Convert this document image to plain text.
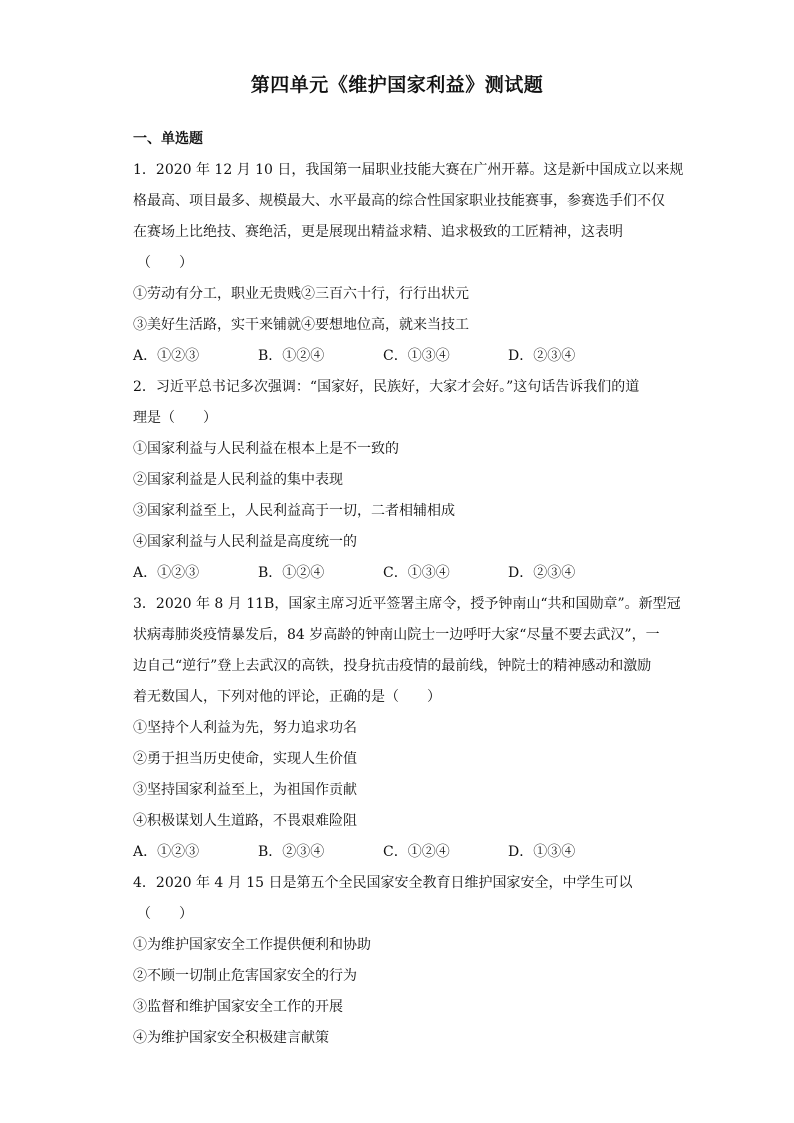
第四单元《维护国家利益》测试题
一、单选题
1．2020 年 12 月 10 日，我国第一届职业技能大赛在广州开幕。这是新中国成立以来规
格最高、项目最多、规模最大、水平最高的综合性国家职业技能赛事，参赛选手们不仅
在赛场上比绝技、赛绝活，更是展现出精益求精、追求极致的工匠精神，这表明
（　　）
①劳动有分工，职业无贵贱②三百六十行，行行出状元
③美好生活路，实干来铺就④要想地位高，就来当技工
A．①②③	B．①②④	C．①③④	D．②③④
2．习近平总书记多次强调：“国家好，民族好，大家才会好。”这句话告诉我们的道
理是（　　）
①国家利益与人民利益在根本上是不一致的
②国家利益是人民利益的集中表现
③国家利益至上，人民利益高于一切，二者相辅相成
④国家利益与人民利益是高度统一的
A．①②③	B．①②④	C．①③④	D．②③④
3．2020 年 8 月 11B，国家主席习近平签署主席令，授予钟南山“共和国勋章”。新型冠
状病毒肺炎疫情暴发后，84 岁高龄的钟南山院士一边呼吁大家“尽量不要去武汉”，一
边自己“逆行”登上去武汉的高铁，投身抗击疫情的最前线，钟院士的精神感动和激励
着无数国人，下列对他的评论，正确的是（　　）
①坚持个人利益为先，努力追求功名
②勇于担当历史使命，实现人生价值
③坚持国家利益至上，为祖国作贡献
④积极谋划人生道路，不畏艰难险阻
A．①②③	B．②③④	C．①②④	D．①③④
4．2020 年 4 月 15 日是第五个全民国家安全教育日维护国家安全，中学生可以
（　　）
①为维护国家安全工作提供便利和协助
②不顾一切制止危害国家安全的行为
③监督和维护国家安全工作的开展
④为维护国家安全积极建言献策
